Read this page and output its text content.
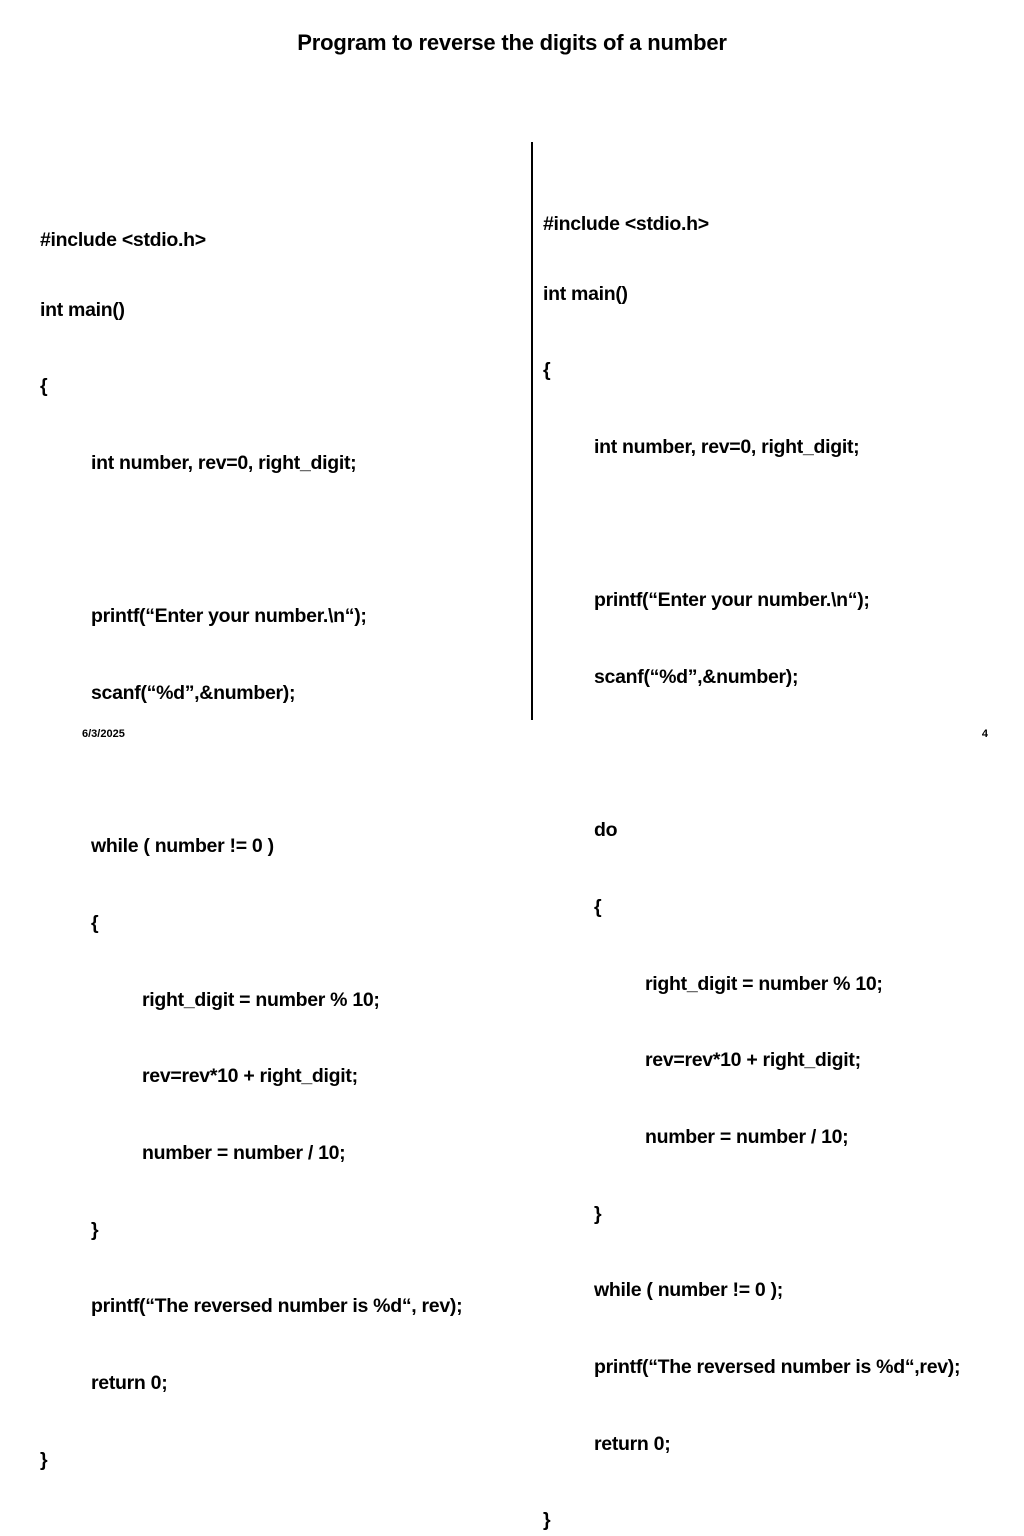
Program to reverse the digits of a number

#include <stdio.h>

int main()

{

int number, rev=0, right_digit;

printf(“Enter your number.\n“);

scanf(“%d”,&number);

while ( number != 0 )

{

right_digit = number % 10;

rev=rev*10 + right_digit;

number = number / 10;

}

printf(“The reversed number is %d“, rev);

return 0;

}

#include <stdio.h>

int main()

{

int number, rev=0, right_digit;

printf(“Enter your number.\n“);

scanf(“%d”,&number);

do

{

right_digit = number % 10;

rev=rev*10 + right_digit;

number = number / 10;

}

while ( number != 0 );

printf(“The reversed number is %d“,rev);

return 0;

}

6/3/2025	4
